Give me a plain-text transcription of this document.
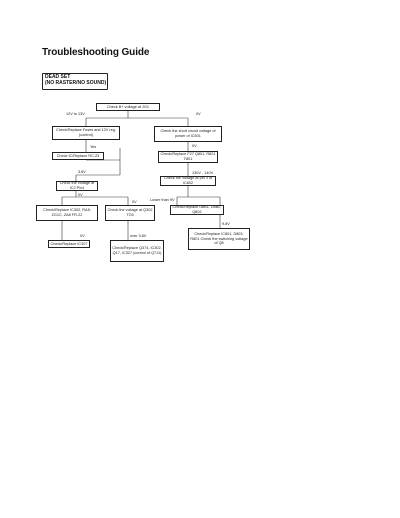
Troubleshooting Guide
DEAD SET
(NO RASTER/NO SOUND)
Check B+ voltage at JG1
Check/Replace Fuses and 12V reg.(control)
Check IC/Replace RC-23
Check the voltage at IC2 Pin4
Check/Replace IC302, RA8, ZG1C, ZA8 FR-22
Check the voltage at Q302 TO3
Check/Replace IC307
Check/Replace Q374, IC302, Q17, IC327 (control of Q711)
Check the short circuit voltage of power of IC501
Check/Replace F27 Q801, R821 T801
Check the voltage at pin 3 of IC802
Check/Replace D8B1, D8B0, Q802
Check/Replace IC801, D803, R801 Check the switching voltage of Q8
12V to 13V	0V
Yes
3.8V
0V
0V
0V
0V
130V - 140V
Lower than 9V
over 3.8V
9.8V
